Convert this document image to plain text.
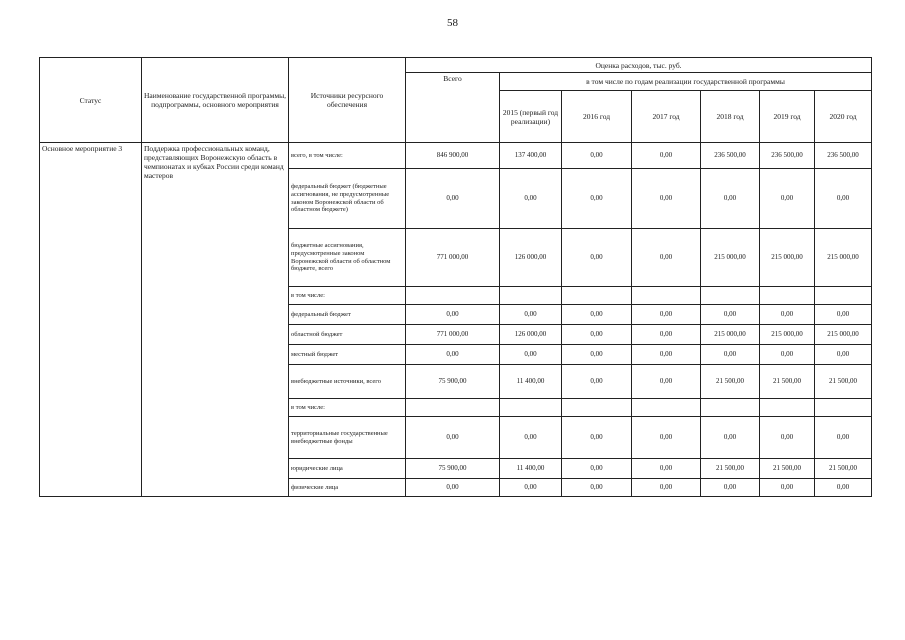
58
Статус	Наименование государственной программы, подпрограммы, основного мероприятия	Источники ресурсного обеспечения	Оценка расходов, тыс. руб.						
			Всего	в том числе по годам реализации государственной программы					
				2015 (первый год реализации)	2016 год	2017 год	2018 год	2019 год	2020 год
Основное мероприятие 3	Поддержка профессиональных команд, представляющих Воронежскую область в чемпионатах и кубках России среди команд мастеров	всего, в том числе:	846 900,00	137 400,00	0,00	0,00	236 500,00	236 500,00	236 500,00
		федеральный бюджет (бюджетные ассигнования, не предусмотренные законом Воронежской области об областном бюджете)	0,00	0,00	0,00	0,00	0,00	0,00	0,00
		бюджетные ассигнования, предусмотренные законом Воронежской области об областном бюджете, всего	771 000,00	126 000,00	0,00	0,00	215 000,00	215 000,00	215 000,00
		в том числе:							
		федеральный бюджет	0,00	0,00	0,00	0,00	0,00	0,00	0,00
		областной бюджет	771 000,00	126 000,00	0,00	0,00	215 000,00	215 000,00	215 000,00
		местный бюджет	0,00	0,00	0,00	0,00	0,00	0,00	0,00
		внебюджетные источники, всего	75 900,00	11 400,00	0,00	0,00	21 500,00	21 500,00	21 500,00
		в том числе:							
		территориальные государственные внебюджетные фонды	0,00	0,00	0,00	0,00	0,00	0,00	0,00
		юридические лица	75 900,00	11 400,00	0,00	0,00	21 500,00	21 500,00	21 500,00
		физические лица	0,00	0,00	0,00	0,00	0,00	0,00	0,00
